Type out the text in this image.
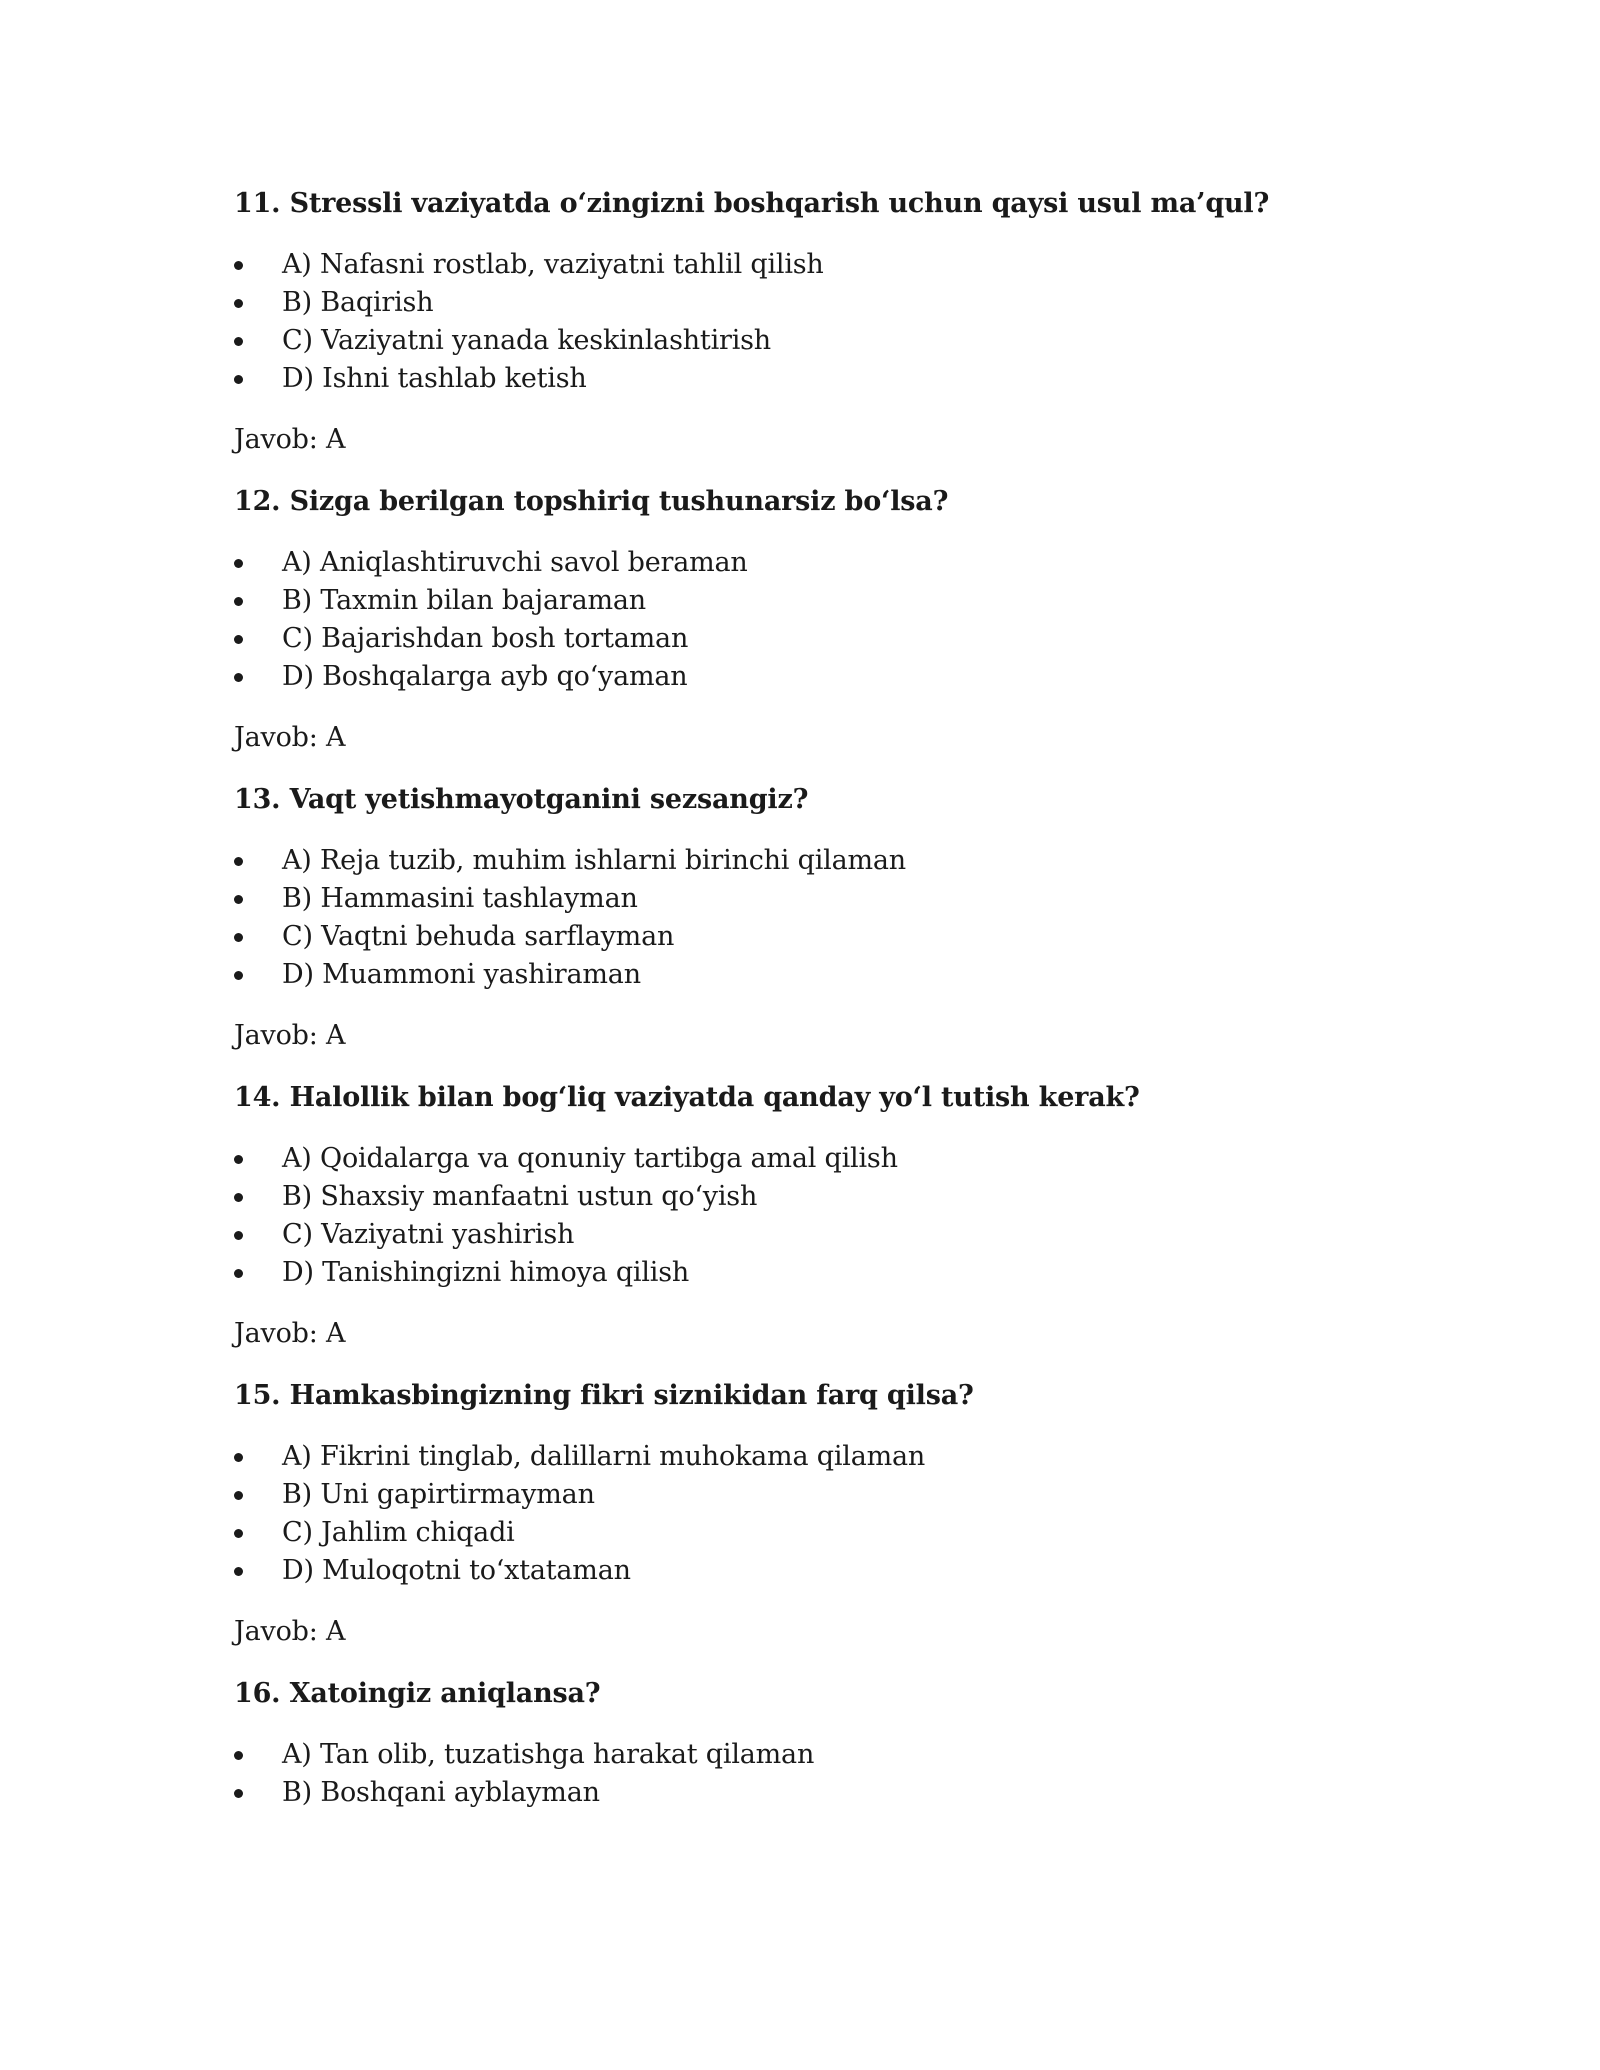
11. Stressli vaziyatda o‘zingizni boshqarish uchun qaysi usul ma’qul?

A) Nafasni rostlab, vaziyatni tahlil qilish
B) Baqirish
C) Vaziyatni yanada keskinlashtirish
D) Ishni tashlab ketish

Javob: A

12. Sizga berilgan topshiriq tushunarsiz bo‘lsa?

A) Aniqlashtiruvchi savol beraman
B) Taxmin bilan bajaraman
C) Bajarishdan bosh tortaman
D) Boshqalarga ayb qo‘yaman

Javob: A

13. Vaqt yetishmayotganini sezsangiz?

A) Reja tuzib, muhim ishlarni birinchi qilaman
B) Hammasini tashlayman
C) Vaqtni behuda sarflayman
D) Muammoni yashiraman

Javob: A

14. Halollik bilan bog‘liq vaziyatda qanday yo‘l tutish kerak?

A) Qoidalarga va qonuniy tartibga amal qilish
B) Shaxsiy manfaatni ustun qo‘yish
C) Vaziyatni yashirish
D) Tanishingizni himoya qilish

Javob: A

15. Hamkasbingizning fikri siznikidan farq qilsa?

A) Fikrini tinglab, dalillarni muhokama qilaman
B) Uni gapirtirmayman
C) Jahlim chiqadi
D) Muloqotni to‘xtataman

Javob: A

16. Xatoingiz aniqlansa?

A) Tan olib, tuzatishga harakat qilaman
B) Boshqani ayblayman
